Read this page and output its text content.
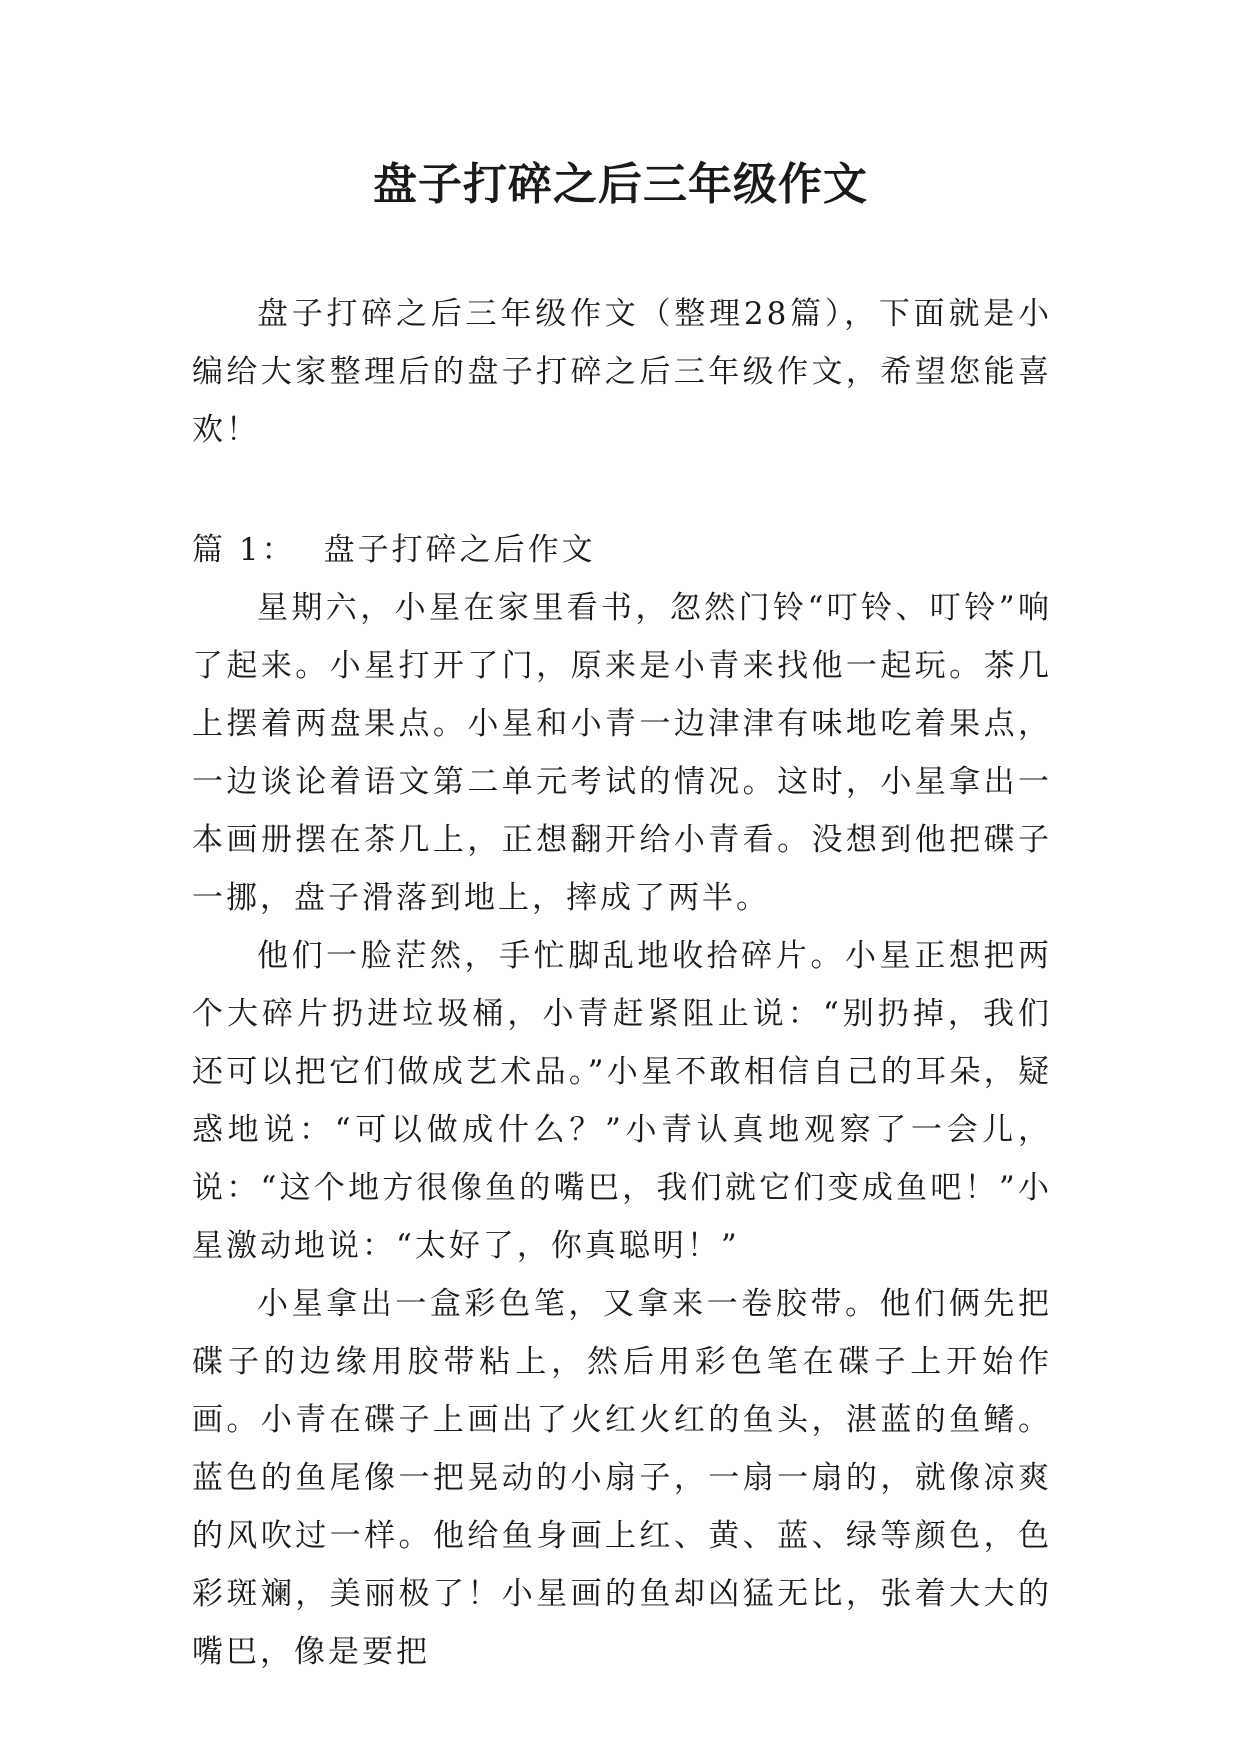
盘子打碎之后三年级作文

盘子打碎之后三年级作文（整理28篇），下面就是小编给大家整理后的盘子打碎之后三年级作文，希望您能喜欢！

篇 1： 盘子打碎之后作文

星期六，小星在家里看书，忽然门铃“叮铃、叮铃”响了起来。小星打开了门，原来是小青来找他一起玩。茶几上摆着两盘果点。小星和小青一边津津有味地吃着果点，一边谈论着语文第二单元考试的情况。这时，小星拿出一本画册摆在茶几上，正想翻开给小青看。没想到他把碟子一挪，盘子滑落到地上，摔成了两半。

他们一脸茫然，手忙脚乱地收拾碎片。小星正想把两个大碎片扔进垃圾桶，小青赶紧阻止说：“别扔掉，我们还可以把它们做成艺术品。”小星不敢相信自己的耳朵，疑惑地说：“可以做成什么？”小青认真地观察了一会儿，说：“这个地方很像鱼的嘴巴，我们就它们变成鱼吧！”小星激动地说：“太好了，你真聪明！”

小星拿出一盒彩色笔，又拿来一卷胶带。他们俩先把碟子的边缘用胶带粘上，然后用彩色笔在碟子上开始作画。小青在碟子上画出了火红火红的鱼头，湛蓝的鱼鳍。蓝色的鱼尾像一把晃动的小扇子，一扇一扇的，就像凉爽的风吹过一样。他给鱼身画上红、黄、蓝、绿等颜色，色彩斑斓，美丽极了！小星画的鱼却凶猛无比，张着大大的嘴巴，像是要把
